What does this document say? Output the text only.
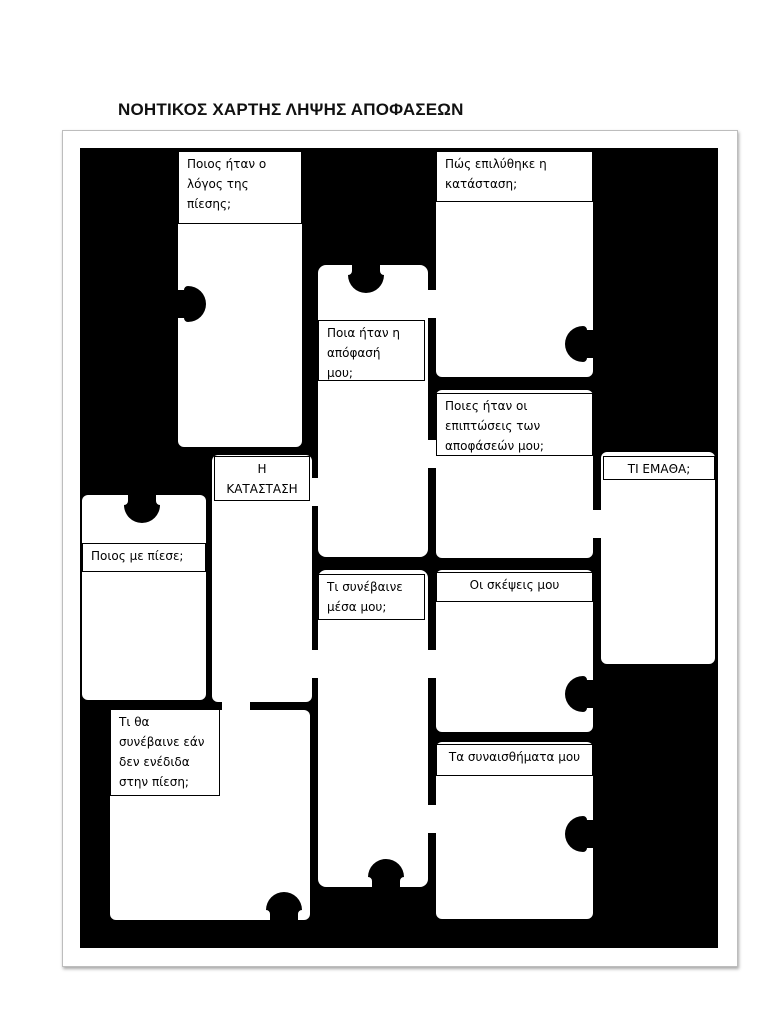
ΝΟΗΤΙΚΟΣ ΧΑΡΤΗΣ ΛΗΨΗΣ ΑΠΟΦΑΣΕΩΝ
Ποιος ήταν ο
λόγος της
πίεσης;
Πώς επιλύθηκε η
κατάσταση;
Ποια ήταν η
απόφασή
μου;
Ποιες ήταν οι
επιπτώσεις των
αποφάσεών μου;
ΤΙ ΕΜΑΘΑ;
Η
ΚΑΤΑΣΤΑΣΗ
Ποιος με πίεσε;
Τι συνέβαινε
μέσα μου;
Οι σκέψεις μου
Τα συναισθήματα μου
Τι θα
συνέβαινε εάν
δεν ενέδιδα
στην πίεση;
